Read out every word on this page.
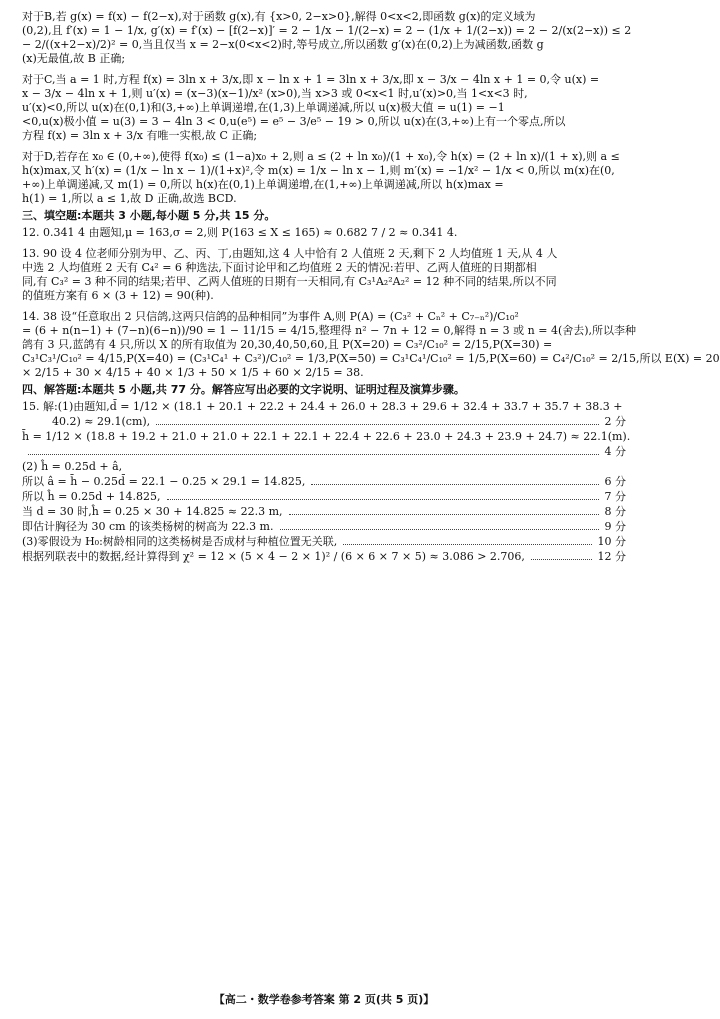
对于B,若 g(x) = f(x) − f(2−x),对于函数 g(x),有 {x>0, 2−x>0},解得 0<x<2,即函数 g(x)的定义域为

(0,2),且 f′(x) = 1 − 1/x, g′(x) = f′(x) − [f(2−x)]′ = 2 − 1/x − 1/(2−x) = 2 − (1/x + 1/(2−x)) = 2 − 2/(x(2−x)) ≤ 2

− 2/((x+2−x)/2)² = 0,当且仅当 x = 2−x(0<x<2)时,等号成立,所以函数 g′(x)在(0,2)上为减函数,函数 g

(x)无最值,故 B 正确;

对于C,当 a = 1 时,方程 f(x) = 3ln x + 3/x,即 x − ln x + 1 = 3ln x + 3/x,即 x − 3/x − 4ln x + 1 = 0,令 u(x) =

x − 3/x − 4ln x + 1,则 u′(x) = (x−3)(x−1)/x² (x>0),当 x>3 或 0<x<1 时,u′(x)>0,当 1<x<3 时,

u′(x)<0,所以 u(x)在(0,1)和(3,+∞)上单调递增,在(1,3)上单调递减,所以 u(x)极大值 = u(1) = −1

<0,u(x)极小值 = u(3) = 3 − 4ln 3 < 0,u(e⁵) = e⁵ − 3/e⁵ − 19 > 0,所以 u(x)在(3,+∞)上有一个零点,所以

方程 f(x) = 3ln x + 3/x 有唯一实根,故 C 正确;

对于D,若存在 x₀ ∈ (0,+∞),使得 f(x₀) ≤ (1−a)x₀ + 2,则 a ≤ (2 + ln x₀)/(1 + x₀),令 h(x) = (2 + ln x)/(1 + x),则 a ≤

h(x)max,又 h′(x) = (1/x − ln x − 1)/(1+x)²,令 m(x) = 1/x − ln x − 1,则 m′(x) = −1/x² − 1/x < 0,所以 m(x)在(0,

+∞)上单调递减,又 m(1) = 0,所以 h(x)在(0,1)上单调递增,在(1,+∞)上单调递减,所以 h(x)max =

h(1) = 1,所以 a ≤ 1,故 D 正确,故选 BCD.

三、填空题:本题共 3 小题,每小题 5 分,共 15 分。

12. 0.341 4 由题知,μ = 163,σ = 2,则 P(163 ≤ X ≤ 165) ≈ 0.682 7 / 2 ≈ 0.341 4.

13. 90 设 4 位老师分别为甲、乙、丙、丁,由题知,这 4 人中恰有 2 人值班 2 天,剩下 2 人均值班 1 天,从 4 人

中选 2 人均值班 2 天有 C₄² = 6 种选法,下面讨论甲和乙均值班 2 天的情况:若甲、乙两人值班的日期都相

同,有 C₃² = 3 种不同的结果;若甲、乙两人值班的日期有一天相同,有 C₃¹A₂²A₂² = 12 种不同的结果,所以不同

的值班方案有 6 × (3 + 12) = 90(种).

14. 38 设“任意取出 2 只信鸽,这两只信鸽的品种相同”为事件 A,则 P(A) = (C₃² + Cₙ² + C₇₋ₙ²)/C₁₀²

= (6 + n(n−1) + (7−n)(6−n))/90 = 1 − 11/15 = 4/15,整理得 n² − 7n + 12 = 0,解得 n = 3 或 n = 4(舍去),所以李种

鸽有 3 只,蓝鸽有 4 只,所以 X 的所有取值为 20,30,40,50,60,且 P(X=20) = C₃²/C₁₀² = 2/15,P(X=30) =

C₃¹C₃¹/C₁₀² = 4/15,P(X=40) = (C₃¹C₄¹ + C₃²)/C₁₀² = 1/3,P(X=50) = C₃¹C₄¹/C₁₀² = 1/5,P(X=60) = C₄²/C₁₀² = 2/15,所以 E(X) = 20

× 2/15 + 30 × 4/15 + 40 × 1/3 + 50 × 1/5 + 60 × 2/15 = 38.

四、解答题:本题共 5 小题,共 77 分。解答应写出必要的文字说明、证明过程及演算步骤。

15. 解:(1)由题知,d̄ = 1/12 × (18.1 + 20.1 + 22.2 + 24.4 + 26.0 + 28.3 + 29.6 + 32.4 + 33.7 + 35.7 + 38.3 +

40.2) ≈ 29.1(cm),	2 分
h̄ = 1/12 × (18.8 + 19.2 + 21.0 + 21.0 + 22.1 + 22.1 + 22.4 + 22.6 + 23.0 + 24.3 + 23.9 + 24.7) ≈ 22.1(m).
4 分
(2) ĥ = 0.25d + â,
所以 â = h̄ − 0.25d̄ = 22.1 − 0.25 × 29.1 = 14.825,	6 分
所以 ĥ = 0.25d + 14.825,	7 分
当 d = 30 时,ĥ = 0.25 × 30 + 14.825 ≈ 22.3 m,	8 分
即估计胸径为 30 cm 的该类杨树的树高为 22.3 m.	9 分
(3)零假设为 H₀:树龄相同的这类杨树是否成材与种植位置无关联,	10 分
根据列联表中的数据,经计算得到 χ² = 12 × (5 × 4 − 2 × 1)² / (6 × 6 × 7 × 5) ≈ 3.086 > 2.706,	12 分
【高二・数学卷参考答案 第 2 页(共 5 页)】
